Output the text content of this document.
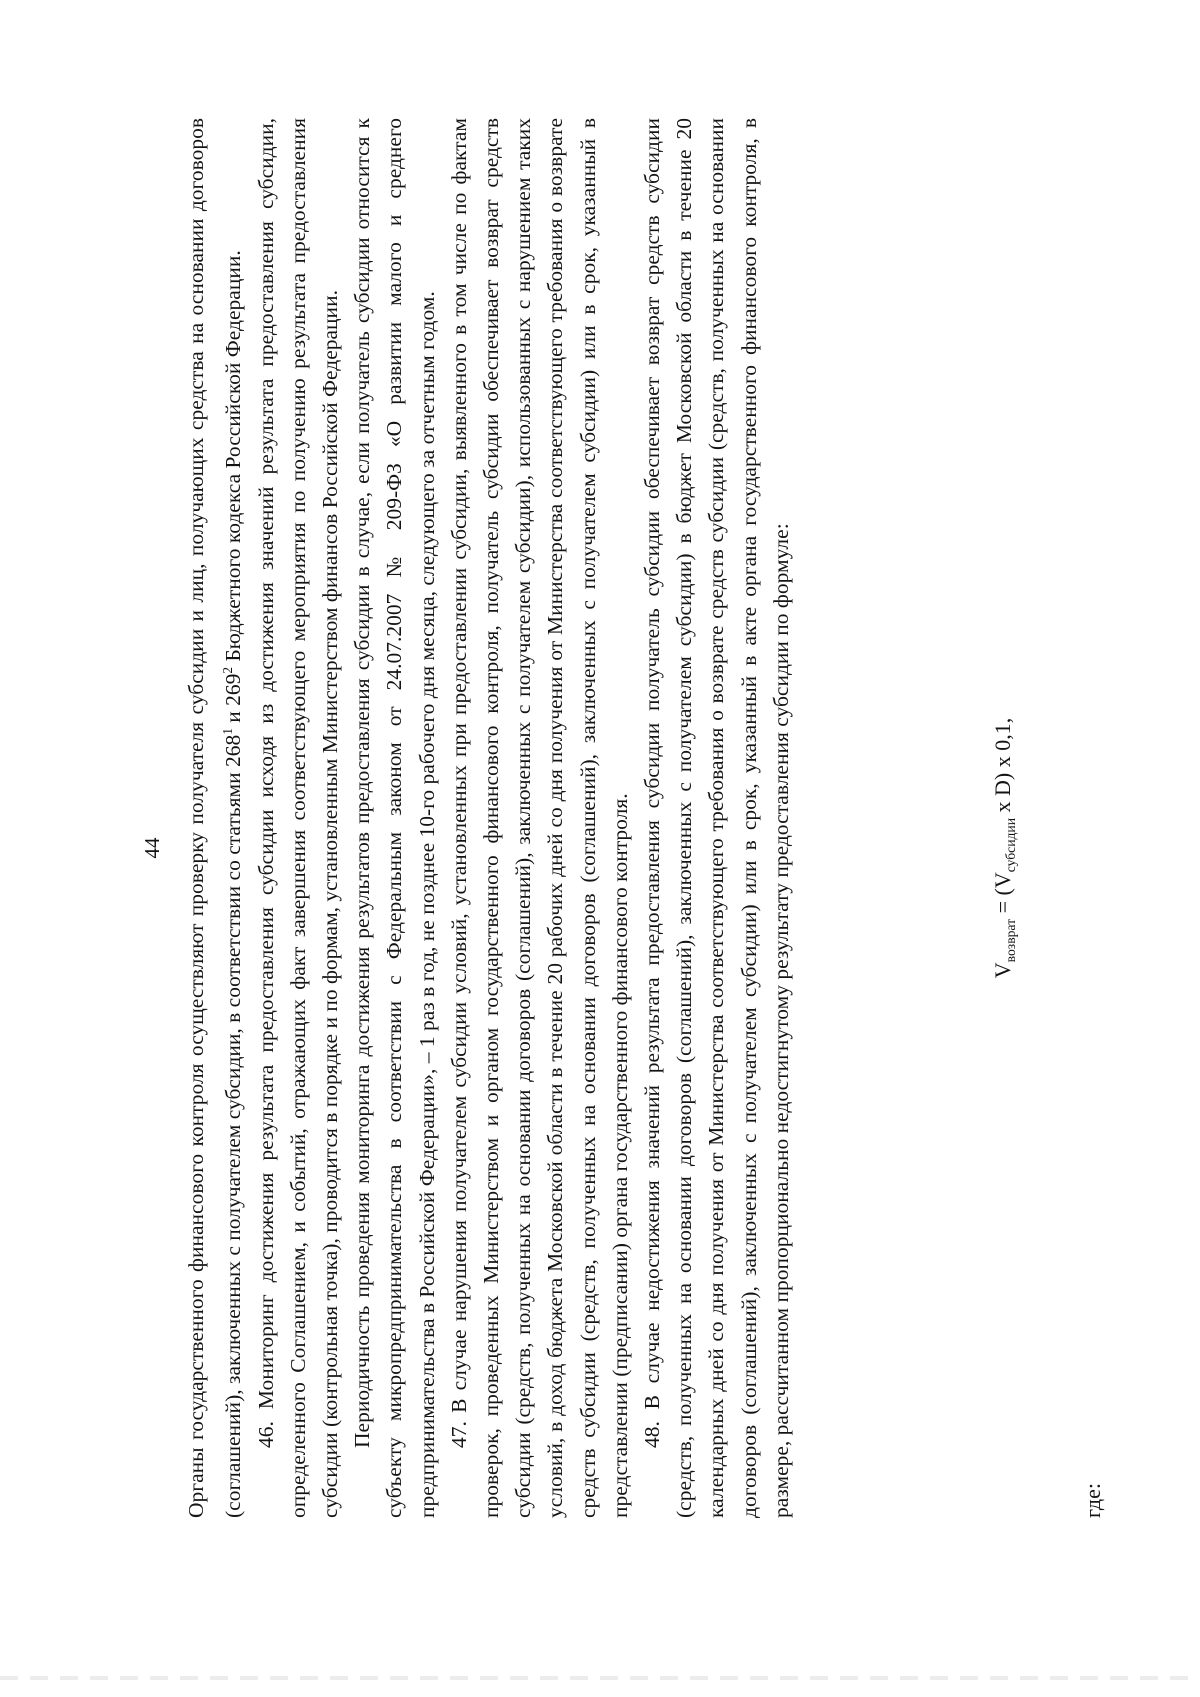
44 Органы государственного финансового контроля осуществляют проверку получателя субсидии и лиц, получающих средства на основании договоров (соглашений), заключенных с получателем субсидии, в соответствии со статьями $268^1$ и $269^2$ Бюджетного кодекса Российской Федерации. 46. Мониторинг достижения результата предоставления субсидии исходя из достижения значений результата предоставления субсидии, определенного Соглашением, и событий, отражающих факт завершения соответствующего мероприятия по получению результата предоставления субсидии (контрольная точка), проводится в порядке и по формам, установленным Министерством финансов Российской Федерации. Периодичность проведения мониторинга достижения результатов предоставления субсидии в случае, если получатель субсидии относится к субъекту микропредпринимательства в соответствии с Федеральным законом от 24.07.2007 № 209-ФЗ «О развитии малого и среднего предпринимательства в Российской Федерации», – 1 раз в год, не позднее 10-го рабочего дня месяца, следующего за отчетным годом. 47. В случае нарушения получателем субсидии условий, установленных при предоставлении субсидии, выявленного в том числе по фактам проверок, проведенных Министерством и органом государственного финансового контроля, получатель субсидии обеспечивает возврат средств субсидии (средств, полученных на основании договоров (соглашений), заключенных с получателем субсидии), использованных с нарушением таких условий, в доход бюджета Московской области в течение 20 рабочих дней со дня получения от Министерства соответствующего требования о возврате средств субсидии (средств, полученных на основании договоров (соглашений), заключенных с получателем субсидии) или в срок, указанный в представлении (предписании) органа государственного финансового контроля. 48. В случае недостижения значений результата предоставления субсидии получатель субсидии обеспечивает возврат средств субсидии (средств, полученных на основании договоров (соглашений), заключенных с получателем субсидии) в бюджет Московской области в течение 20 календарных дней со дня получения от Министерства соответствующего требования о возврате средств субсидии (средств, полученных на основании договоров (соглашений), заключенных с получателем субсидии) или в срок, указанный в акте органа государственного финансового контроля, в размере, рассчитанном пропорционально недостигнутому результату предоставления субсидии по формуле:	$V_{возврат} = (V_{субсидии}$ x D) x 0,1,
где:
